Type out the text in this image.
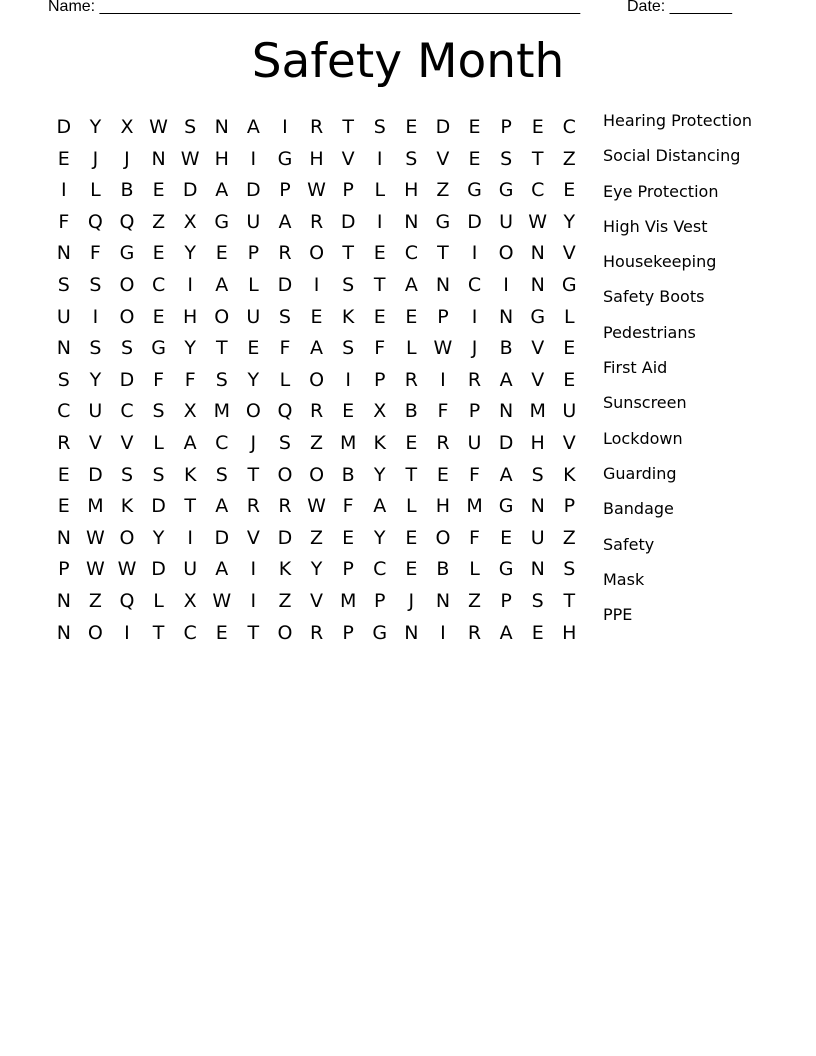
Name: ______________________________________________________	Date: _______
Safety Month
D Y	X W S N A	I	R	T	S	E D E	P	E C
E	J	J	N W H	I	G H V	I	S	V	E	S	T	Z
I	L	B	E D A D P W P	L	H Z G G C E
F Q Q Z X G U A R D	I	N G D U W Y
N	F G E	Y	E	P	R O T	E C	T	I	O N V
S	S O C	I	A	L D	I	S	T	A N C	I	N G
U	I	O E H O U S	E	K	E	E	P	I	N G L
N S	S G Y	T	E	F	A	S	F	L W	J	B V	E
S	Y D F	F	S	Y	L O	I	P	R	I	R A V	E
C U C S	X M O Q R E	X B	F	P N M U
R V V	L	A C	J	S	Z M K	E R U D H V
E D S	S	K	S	T O O B	Y	T	E	F	A	S	K
E M K D T	A R R W F	A	L	H M G N P
N W O Y	I	D V D Z	E	Y	E O F	E U Z
P W W D U A	I	K	Y	P	C E	B	L G N S
N Z Q L	X W	I	Z V M P	J	N Z	P	S	T
N O	I	T	C E	T O R	P G N	I	R A	E H
Hearing Protection
Social Distancing
Eye Protection
High Vis Vest
Housekeeping
Safety Boots
Pedestrians
First Aid
Sunscreen
Lockdown
Guarding
Bandage
Safety
Mask
PPE
